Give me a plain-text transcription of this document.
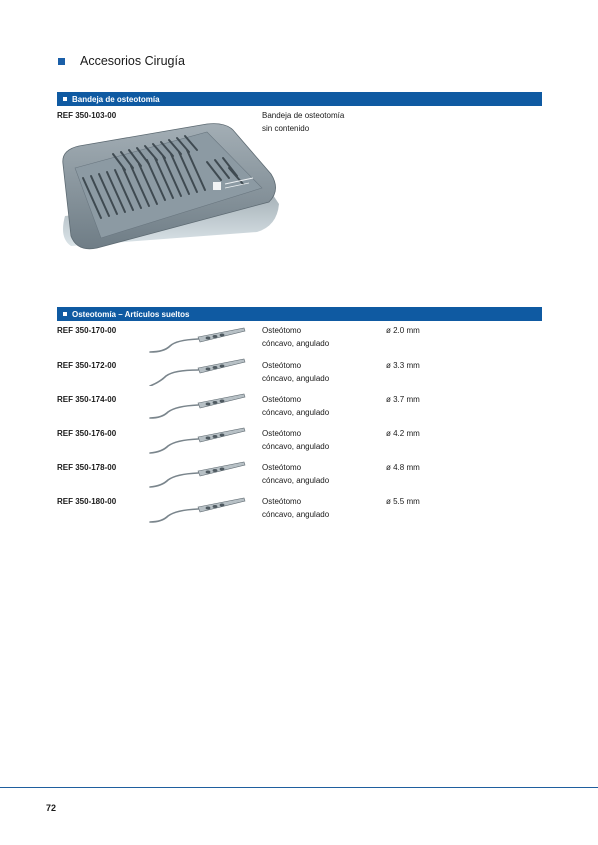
Accesorios Cirugía
Bandeja de osteotomía
REF 350-103-00	Bandeja de osteotomía
sin contenido
Osteotomía – Artículos sueltos
REF 350-170-00	Osteótomo
cóncavo, angulado
ø 2.0 mm
REF 350-172-00	Osteótomo
cóncavo, angulado
ø 3.3 mm
REF 350-174-00	Osteótomo
cóncavo, angulado
ø 3.7 mm
REF 350-176-00	Osteótomo
cóncavo, angulado
ø 4.2 mm
REF 350-178-00	Osteótomo
cóncavo, angulado
ø 4.8 mm
REF 350-180-00	Osteótomo
cóncavo, angulado
ø 5.5 mm
72
